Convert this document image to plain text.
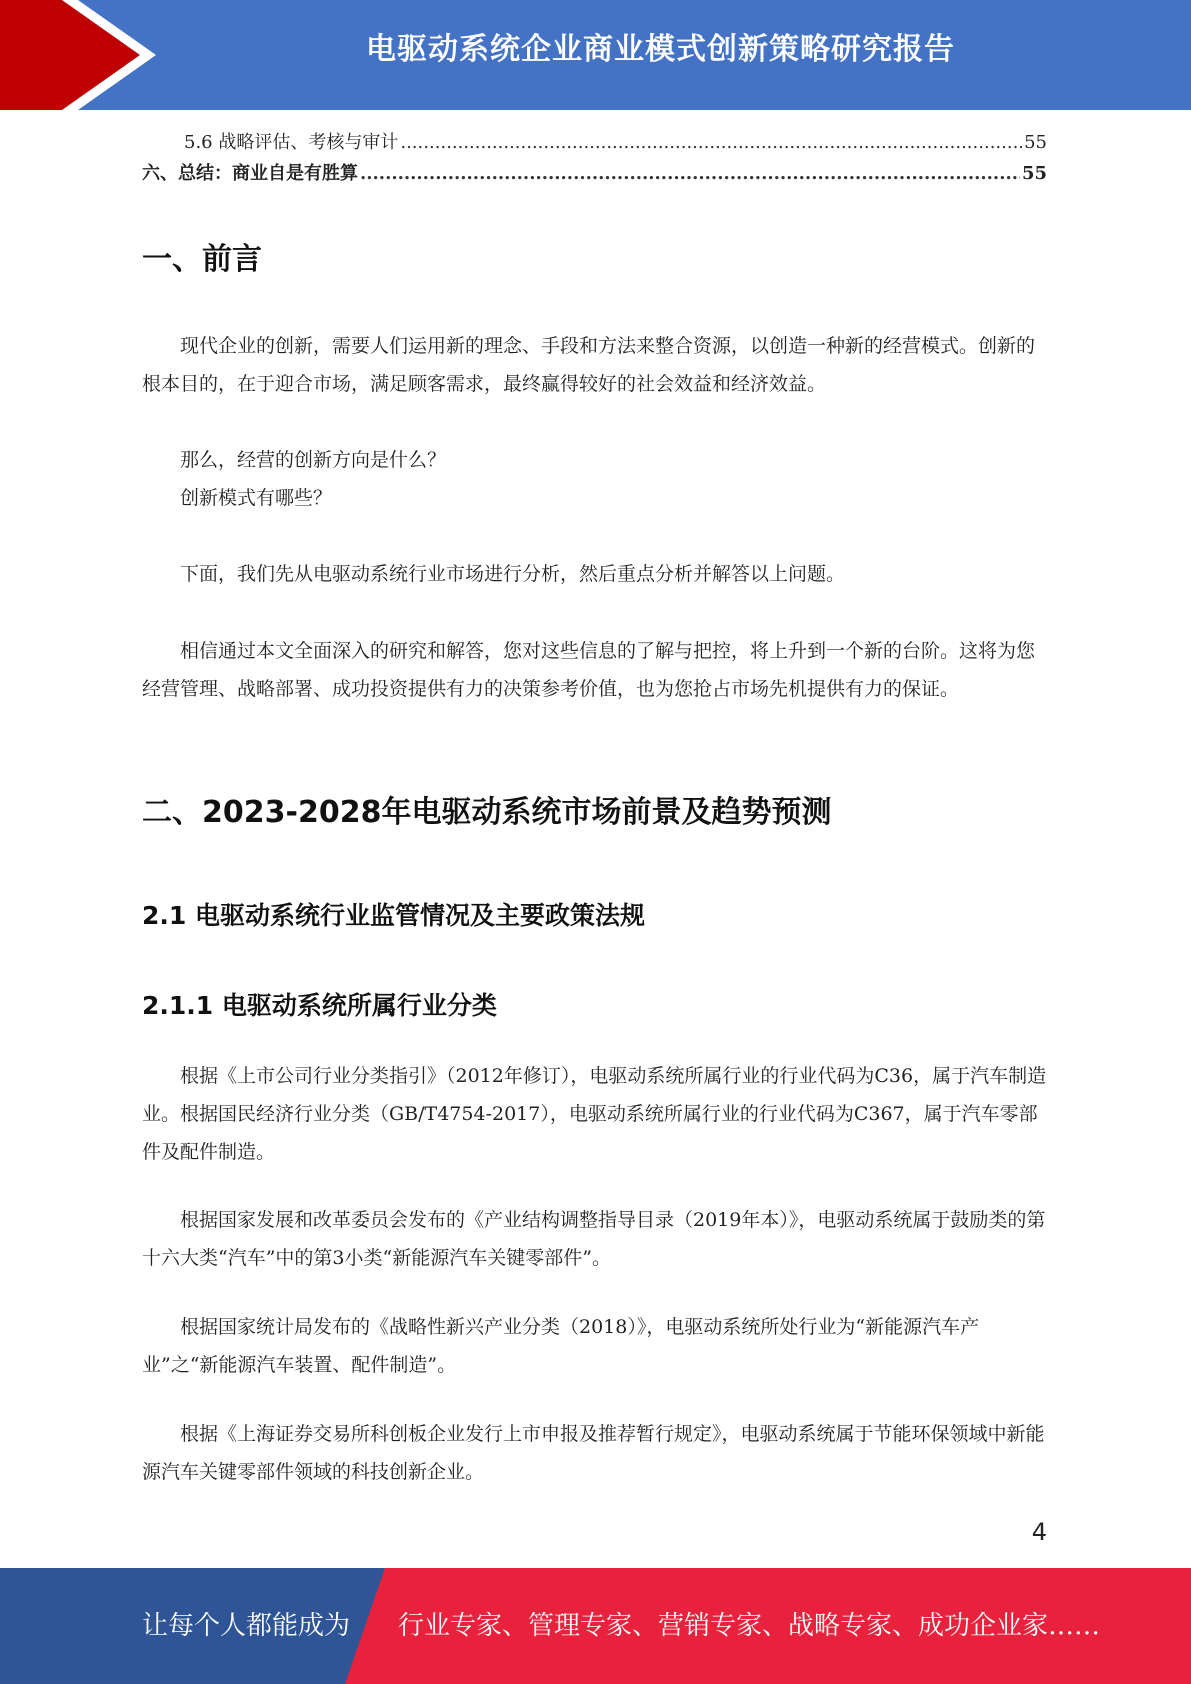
电驱动系统企业商业模式创新策略研究报告
5.6 战略评估、考核与审计 .....	55
六、总结：商业自是有胜算 .....	55
一、前言

现代企业的创新，需要人们运用新的理念、手段和方法来整合资源，以创造一种新的经营模式。创新的根本目的，在于迎合市场，满足顾客需求，最终赢得较好的社会效益和经济效益。

那么，经营的创新方向是什么？
创新模式有哪些？

下面，我们先从电驱动系统行业市场进行分析，然后重点分析并解答以上问题。

相信通过本文全面深入的研究和解答，您对这些信息的了解与把控，将上升到一个新的台阶。这将为您经营管理、战略部署、成功投资提供有力的决策参考价值，也为您抢占市场先机提供有力的保证。

二、2023-2028年电驱动系统市场前景及趋势预测
2.1 电驱动系统行业监管情况及主要政策法规
2.1.1 电驱动系统所属行业分类

根据《上市公司行业分类指引》（2012年修订），电驱动系统所属行业的行业代码为C36，属于汽车制造业。根据国民经济行业分类（GB/T4754-2017），电驱动系统所属行业的行业代码为C367，属于汽车零部件及配件制造。

根据国家发展和改革委员会发布的《产业结构调整指导目录（2019年本）》，电驱动系统属于鼓励类的第十六大类“汽车”中的第3小类“新能源汽车关键零部件”。

根据国家统计局发布的《战略性新兴产业分类（2018）》，电驱动系统所处行业为“新能源汽车产业”之“新能源汽车装置、配件制造”。

根据《上海证券交易所科创板企业发行上市申报及推荐暂行规定》，电驱动系统属于节能环保领域中新能源汽车关键零部件领域的科技创新企业。

4
让每个人都能成为 行业专家、管理专家、营销专家、战略专家、成功企业家……
